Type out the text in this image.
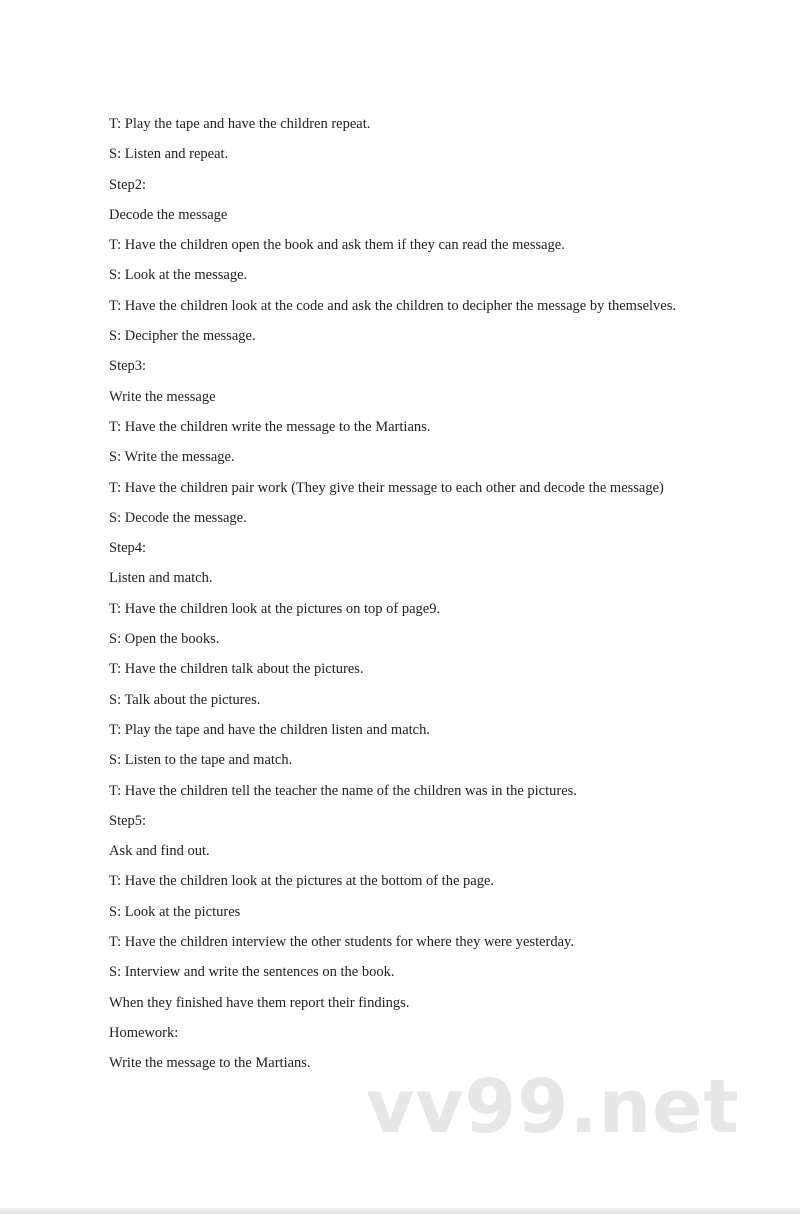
T: Play the tape and have the children repeat.
S: Listen and repeat.
Step2:
Decode the message
T: Have the children open the book and ask them if they can read the message.
S: Look at the message.
T: Have the children look at the code and ask the children to decipher the message by themselves.
S: Decipher the message.
Step3:
Write the message
T: Have the children write the message to the Martians.
S: Write the message.
T: Have the children pair work (They give their message to each other and decode the message)
S: Decode the message.
Step4:
Listen and match.
T: Have the children look at the pictures on top of page9.
S: Open the books.
T: Have the children talk about the pictures.
S: Talk about the pictures.
T: Play the tape and have the children listen and match.
S: Listen to the tape and match.
T: Have the children tell the teacher the name of the children was in the pictures.
Step5:
Ask and find out.
T: Have the children look at the pictures at the bottom of the page.
S: Look at the pictures
T: Have the children interview the other students for where they were yesterday.
S: Interview and write the sentences on the book.
When they finished have them report their findings.
Homework:
Write the message to the Martians.
vv99.net
